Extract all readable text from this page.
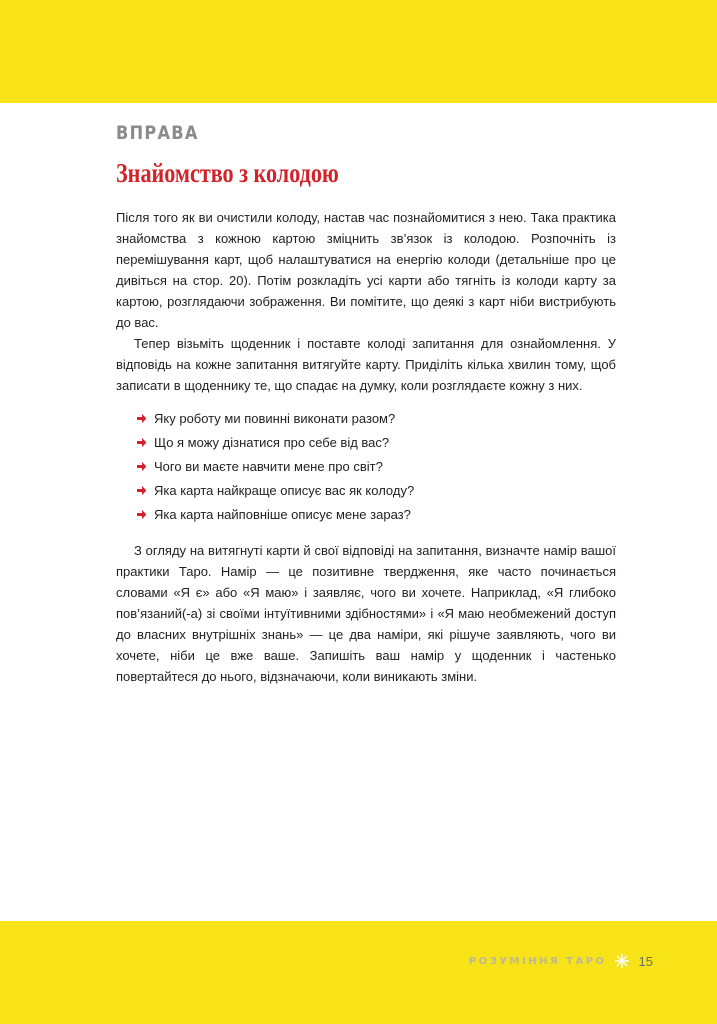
ВПРАВА
Знайомство з колодою

Після того як ви очистили колоду, настав час познайомитися з нею. Така практика знайомства з кожною картою зміцнить зв’язок із колодою. Розпочніть із перемішування карт, щоб налаштуватися на енергію колоди (детальніше про це дивіться на стор. 20). Потім розкладіть усі карти або тягніть із колоди карту за картою, розглядаючи зображення. Ви помітите, що деякі з карт ніби вистрибують до вас.

Тепер візьміть щоденник і поставте колоді запитання для ознайомлення. У відповідь на кожне запитання витягуйте карту. Приділіть кілька хвилин тому, щоб записати в щоденнику те, що спадає на думку, коли розглядаєте кожну з них.

Яку роботу ми повинні виконати разом?
Що я можу дізнатися про себе від вас?
Чого ви маєте навчити мене про світ?
Яка карта найкраще описує вас як колоду?
Яка карта найповніше описує мене зараз?

З огляду на витягнуті карти й свої відповіді на запитання, визначте намір вашої практики Таро. Намір — це позитивне твердження, яке часто починається словами «Я є» або «Я маю» і заявляє, чого ви хочете. Наприклад, «Я глибоко пов’язаний(-а) зі своїми інтуїтивними здібностями» і «Я маю необмежений доступ до власних внутрішніх знань» — це два наміри, які рішуче заявляють, чого ви хочете, ніби це вже ваше. Запишіть ваш намір у щоденник і частенько повертайтеся до нього, відзначаючи, коли виникають зміни.

РОЗУМІННЯ ТАРО 15
